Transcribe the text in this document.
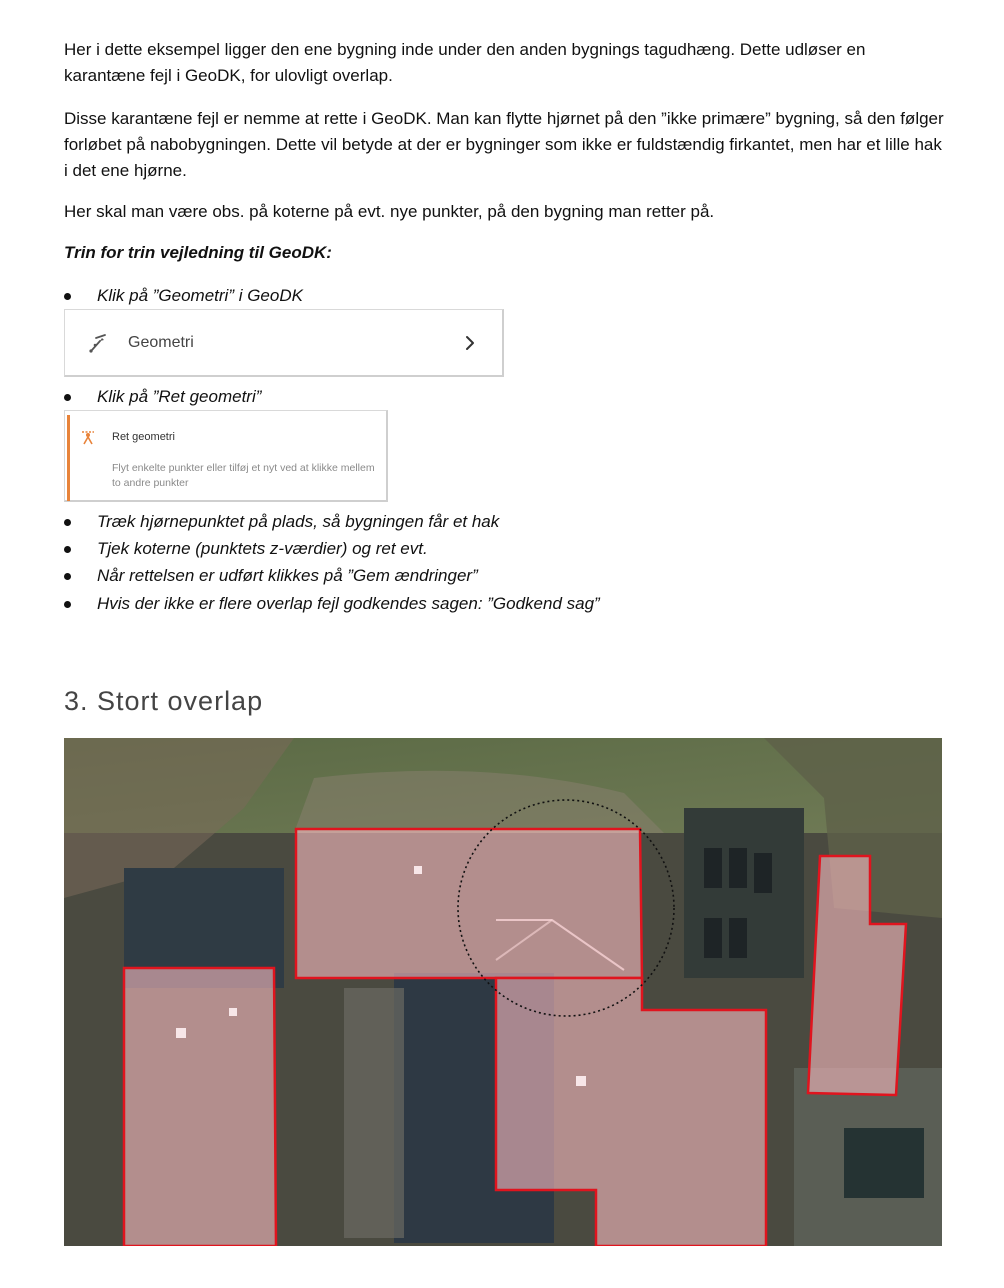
Her i dette eksempel ligger den ene bygning inde under den anden bygnings tagudhæng. Dette udløser en karantæne fejl i GeoDK, for ulovligt overlap.

Disse karantæne fejl er nemme at rette i GeoDK. Man kan flytte hjørnet på den ”ikke primære” bygning, så den følger forløbet på nabobygningen. Dette vil betyde at der er bygninger som ikke er fuldstændig firkantet, men har et lille hak i det ene hjørne.

Her skal man være obs. på koterne på evt. nye punkter, på den bygning man retter på.

Trin for trin vejledning til GeoDK:

Klik på ”Geometri” i GeoDK
Geometri
Klik på ”Ret geometri”
Ret geometri
Flyt enkelte punkter eller tilføj et nyt ved at klikke mellem to andre punkter
Træk hjørnepunktet på plads, så bygningen får et hak
Tjek koterne (punktets z-værdier) og ret evt.
Når rettelsen er udført klikkes på ”Gem ændringer”
Hvis der ikke er flere overlap fejl godkendes sagen: ”Godkend sag”
3. Stort overlap
